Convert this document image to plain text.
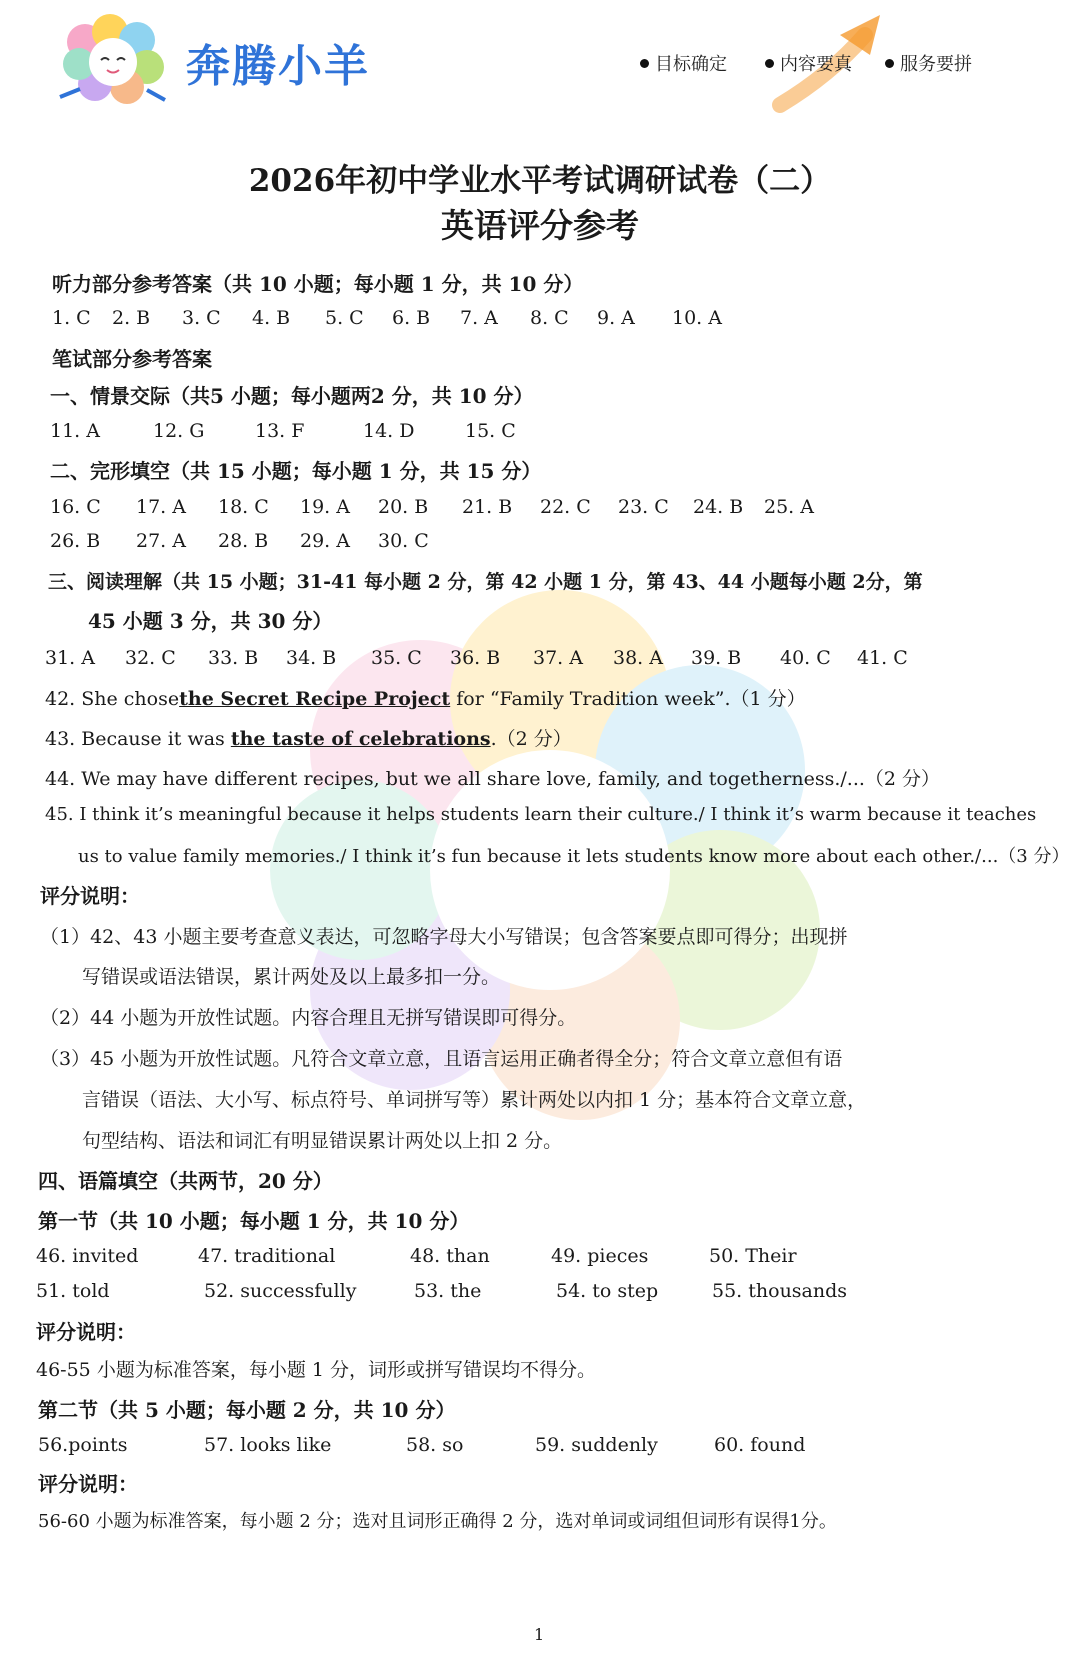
奔腾小羊	目标确定	内容要真	服务要拼
2026年初中学业水平考试调研试卷（二）
英语评分参考
听力部分参考答案（共 10 小题；每小题 1 分，共 10 分）
1. C 2. B 3. C 4. B 5. C 6. B 7. A 8. C 9. A 10. A
笔试部分参考答案
一、情景交际（共5 小题；每小题两2 分，共 10 分）
11. A	12. G	13. F	14. D	15. C
二、完形填空（共 15 小题；每小题 1 分，共 15 分）
16. C 17. A 18. C 19. A 20. B 21. B 22. C 23. C 24. B 25. A
26. B 27. A 28. B 29. A 30. C
三、阅读理解（共 15 小题；31-41 每小题 2 分，第 42 小题 1 分，第 43、44 小题每小题 2分，第
45 小题 3 分，共 30 分）
31. A 32. C 33. B 34. B 35. C 36. B 37. A 38. A 39. B 40. C 41. C
42. She chosethe Secret Recipe Project for “Family Tradition week”.（1 分）
43. Because it was the taste of celebrations.（2 分）
44. We may have different recipes, but we all share love, family, and togetherness./...（2 分）
45. I think it’s meaningful because it helps students learn their culture./ I think it’s warm because it teaches
us to value family memories./ I think it’s fun because it lets students know more about each other./...（3 分）
评分说明：
（1）42、43 小题主要考查意义表达，可忽略字母大小写错误；包含答案要点即可得分；出现拼
写错误或语法错误，累计两处及以上最多扣一分。
（2）44 小题为开放性试题。内容合理且无拼写错误即可得分。
（3）45 小题为开放性试题。凡符合文章立意，且语言运用正确者得全分；符合文章立意但有语
言错误（语法、大小写、标点符号、单词拼写等）累计两处以内扣 1 分；基本符合文章立意，
句型结构、语法和词汇有明显错误累计两处以上扣 2 分。
四、语篇填空（共两节，20 分）
第一节（共 10 小题；每小题 1 分，共 10 分）
46. invited	47. traditional	48. than	49. pieces	50. Their
51. told	52. successfully	53. the	54. to step	55. thousands
评分说明：
46-55 小题为标准答案，每小题 1 分，词形或拼写错误均不得分。
第二节（共 5 小题；每小题 2 分，共 10 分）
56.points	57. looks like	58. so	59. suddenly	60. found
评分说明：
56-60 小题为标准答案，每小题 2 分；选对且词形正确得 2 分，选对单词或词组但词形有误得1分。
1
